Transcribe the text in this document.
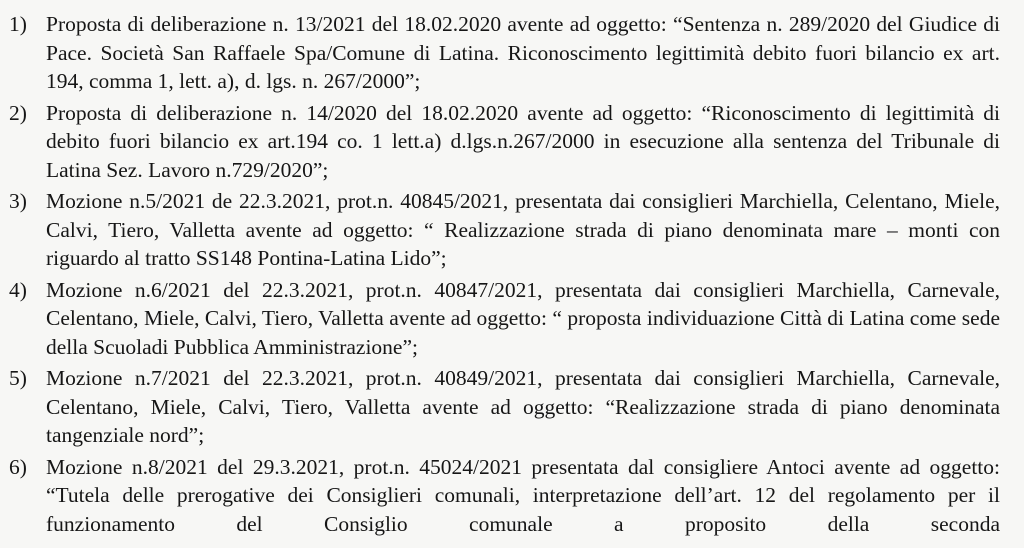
1) Proposta di deliberazione n. 13/2021 del 18.02.2020 avente ad oggetto: “Sentenza n. 289/2020 del Giudice di Pace. Società San Raffaele Spa/Comune di Latina. Riconoscimento legittimità debito fuori bilancio ex art. 194, comma 1, lett. a), d. lgs. n. 267/2000”;
2) Proposta di deliberazione n. 14/2020 del 18.02.2020 avente ad oggetto: “Riconoscimento di legittimità di debito fuori bilancio ex art.194 co. 1 lett.a) d.lgs.n.267/2000 in esecuzione alla sentenza del Tribunale di Latina Sez. Lavoro n.729/2020”;
3) Mozione n.5/2021 de 22.3.2021, prot.n. 40845/2021, presentata dai consiglieri Marchiella, Celentano, Miele, Calvi, Tiero, Valletta avente ad oggetto: “ Realizzazione strada di piano denominata mare – monti con riguardo al tratto SS148 Pontina-Latina Lido”;
4) Mozione n.6/2021 del 22.3.2021, prot.n. 40847/2021, presentata dai consiglieri Marchiella, Carnevale, Celentano, Miele, Calvi, Tiero, Valletta avente ad oggetto: “ proposta individuazione Città di Latina come sede della Scuoladi Pubblica Amministrazione”;
5) Mozione n.7/2021 del 22.3.2021, prot.n. 40849/2021, presentata dai consiglieri Marchiella, Carnevale, Celentano, Miele, Calvi, Tiero, Valletta avente ad oggetto: “Realizzazione strada di piano denominata tangenziale nord”;
6) Mozione n.8/2021 del 29.3.2021, prot.n. 45024/2021 presentata dal consigliere Antoci avente ad oggetto: “Tutela delle prerogative dei Consiglieri comunali, interpretazione dell’art. 12 del regolamento per il funzionamento del Consiglio comunale a proposito della seconda
